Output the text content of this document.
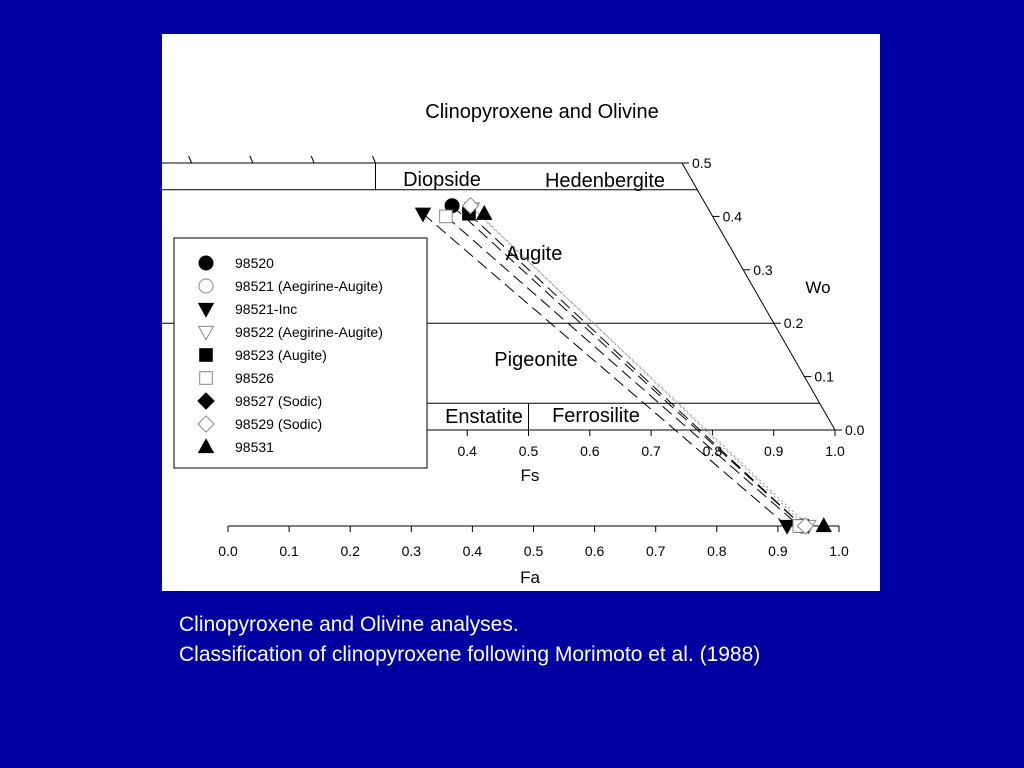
Clinopyroxene and Olivine
0.4	0.5	0.6	0.7	0.8	0.9	1.0
0.0
0.1
0.2
0.3
0.4
0.5
0.0	0.1	0.2	0.3	0.4	0.5	0.6	0.7	0.8	0.9	1.0
Diopside	Hedenbergite
Augite
Pigeonite
Enstatite Ferrosilite
98520
98521 (Aegirine-Augite)
98521-Inc
98522 (Aegirine-Augite)
98523 (Augite)
98526
98527 (Sodic)
98529 (Sodic)
98531
Fs
Wo
Fa
Clinopyroxene and Olivine analyses.
Classification of clinopyroxene following Morimoto et al. (1988)
